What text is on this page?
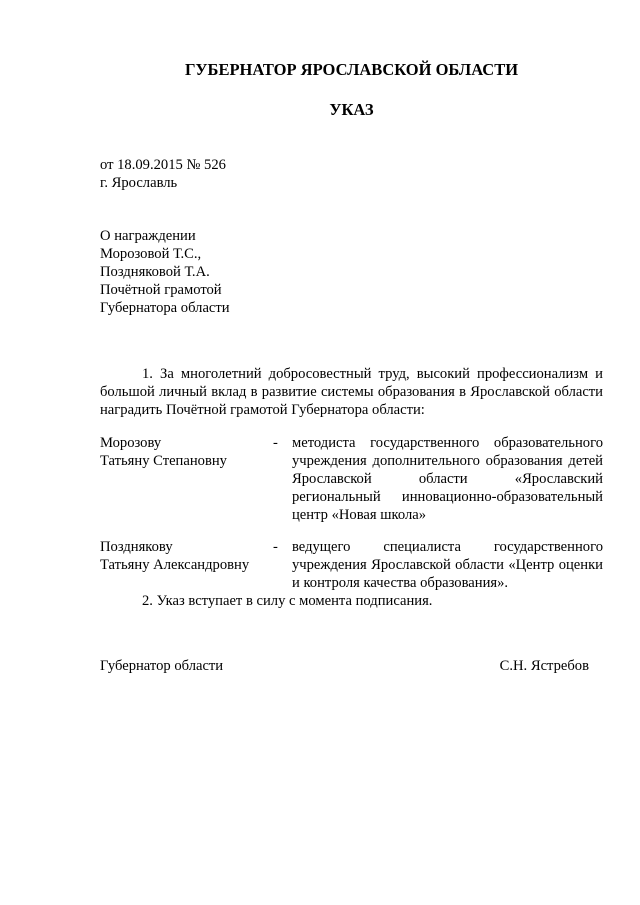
ГУБЕРНАТОР ЯРОСЛАВСКОЙ ОБЛАСТИ
УКАЗ
от 18.09.2015 № 526
г. Ярославль
О награждении
Морозовой Т.С.,
Поздняковой Т.А.
Почётной грамотой
Губернатора области
1. За многолетний добросовестный труд, высокий профессионализм и большой личный вклад в развитие системы образования в Ярославской области наградить Почётной грамотой Губернатора области:
Морозову
Татьяну Степановну
- методиста государственного образовательного учреждения дополнительного образования детей Ярославской области «Ярославский региональный инновационно-образовательный центр «Новая школа»
Позднякову
Татьяну Александровну
- ведущего специалиста государственного учреждения Ярославской области «Центр оценки и контроля качества образования».
2. Указ вступает в силу с момента подписания.
Губернатор области	С.Н. Ястребов
